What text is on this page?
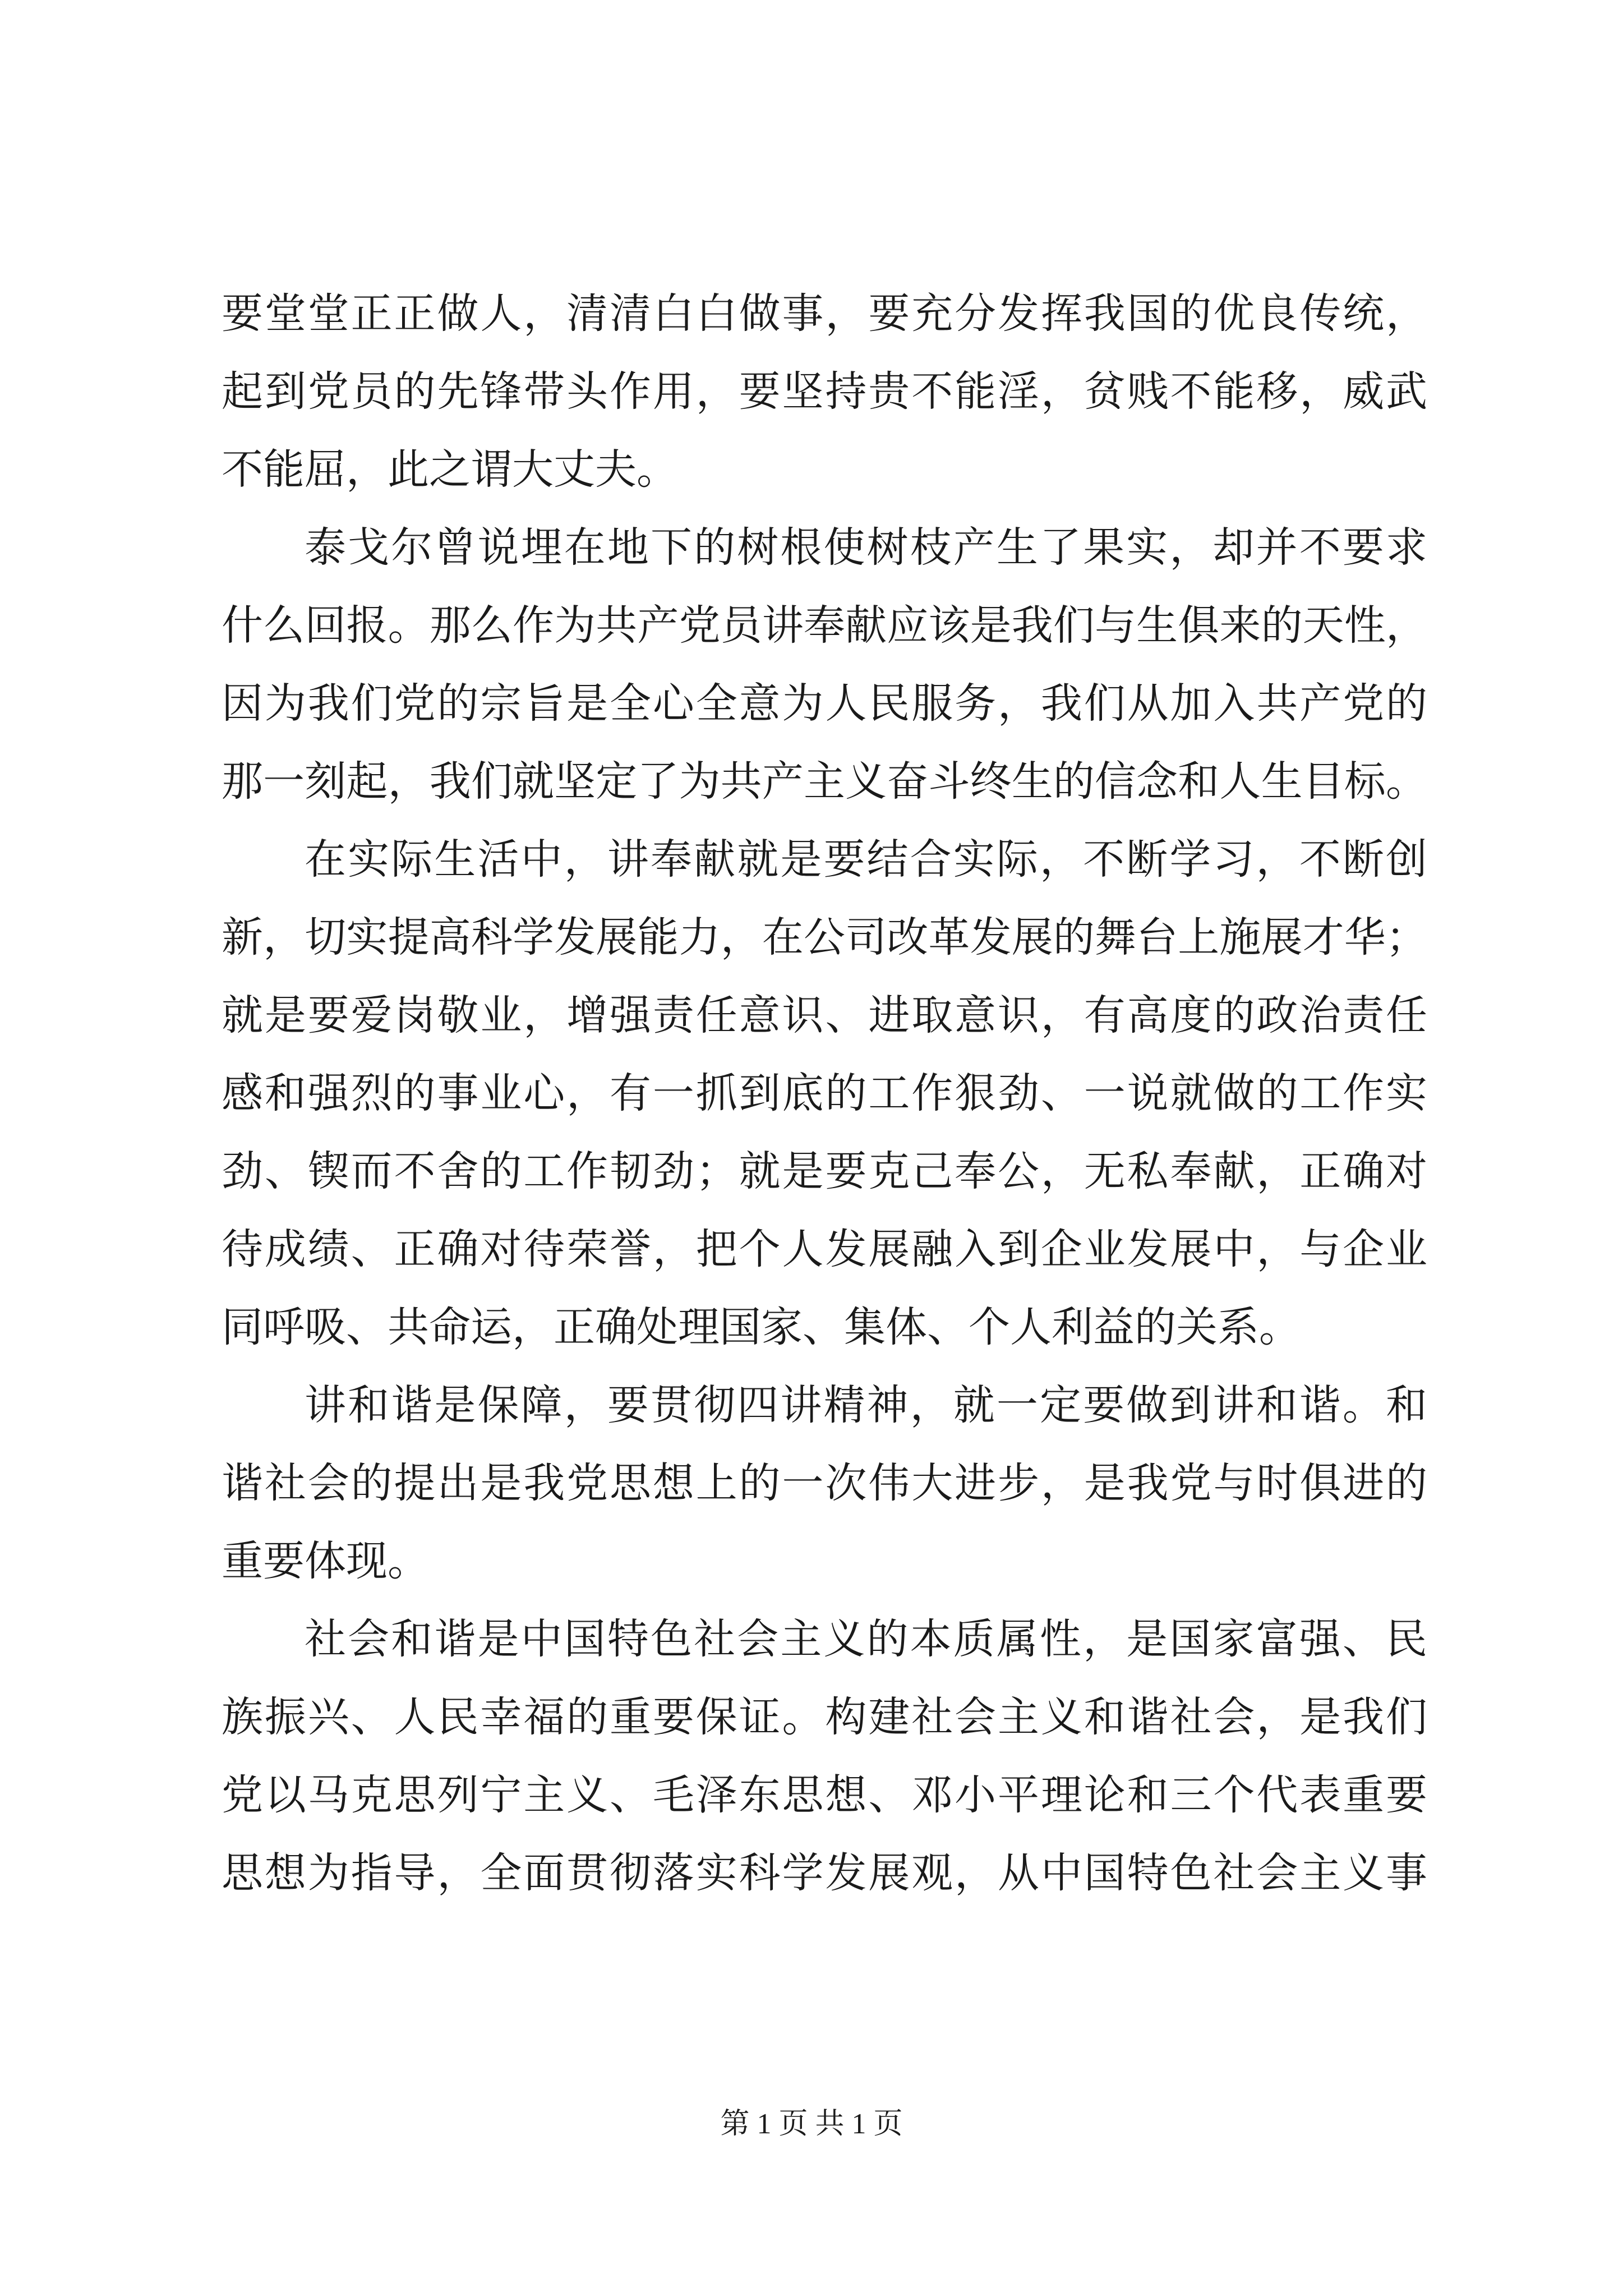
要堂堂正正做人，清清白白做事，要充分发挥我国的优良传统，
起到党员的先锋带头作用，要坚持贵不能淫，贫贱不能移，威武
不能屈，此之谓大丈夫。
泰戈尔曾说埋在地下的树根使树枝产生了果实，却并不要求
什么回报。那么作为共产党员讲奉献应该是我们与生俱来的天性，
因为我们党的宗旨是全心全意为人民服务，我们从加入共产党的
那一刻起，我们就坚定了为共产主义奋斗终生的信念和人生目标。
在实际生活中，讲奉献就是要结合实际，不断学习，不断创
新，切实提高科学发展能力，在公司改革发展的舞台上施展才华；
就是要爱岗敬业，增强责任意识、进取意识，有高度的政治责任
感和强烈的事业心，有一抓到底的工作狠劲、一说就做的工作实
劲、锲而不舍的工作韧劲；就是要克己奉公，无私奉献，正确对
待成绩、正确对待荣誉，把个人发展融入到企业发展中，与企业
同呼吸、共命运，正确处理国家、集体、个人利益的关系。
讲和谐是保障，要贯彻四讲精神，就一定要做到讲和谐。和
谐社会的提出是我党思想上的一次伟大进步，是我党与时俱进的
重要体现。
社会和谐是中国特色社会主义的本质属性，是国家富强、民
族振兴、人民幸福的重要保证。构建社会主义和谐社会，是我们
党以马克思列宁主义、毛泽东思想、邓小平理论和三个代表重要
思想为指导，全面贯彻落实科学发展观，从中国特色社会主义事
第 1 页 共 1 页
